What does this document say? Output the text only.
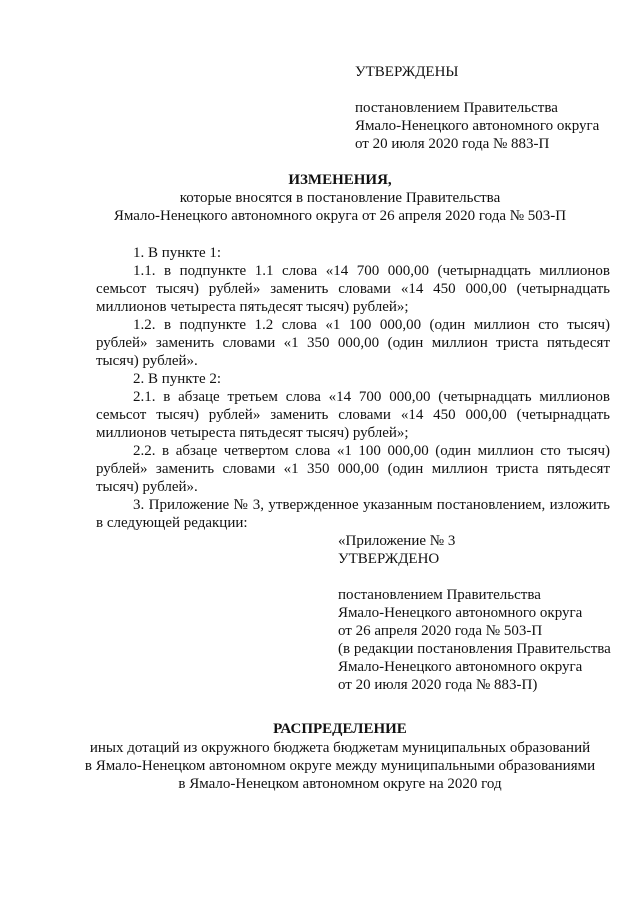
УТВЕРЖДЕНЫ
постановлением Правительства
Ямало-Ненецкого автономного округа
от 20 июля 2020 года № 883-П
ИЗМЕНЕНИЯ,
которые вносятся в постановление Правительства
Ямало-Ненецкого автономного округа от 26 апреля 2020 года № 503-П
1. В пункте 1:
1.1. в подпункте 1.1 слова «14 700 000,00 (четырнадцать миллионов
семьсот тысяч) рублей» заменить словами «14 450 000,00 (четырнадцать
миллионов четыреста пятьдесят тысяч) рублей»;
1.2. в подпункте 1.2 слова «1 100 000,00 (один миллион сто тысяч)
рублей» заменить словами «1 350 000,00 (один миллион триста пятьдесят
тысяч) рублей».
2. В пункте 2:
2.1. в абзаце третьем слова «14 700 000,00 (четырнадцать миллионов
семьсот тысяч) рублей» заменить словами «14 450 000,00 (четырнадцать
миллионов четыреста пятьдесят тысяч) рублей»;
2.2. в абзаце четвертом слова «1 100 000,00 (один миллион сто тысяч)
рублей» заменить словами «1 350 000,00 (один миллион триста пятьдесят
тысяч) рублей».
3. Приложение № 3, утвержденное указанным постановлением, изложить
в следующей редакции:
«Приложение № 3
УТВЕРЖДЕНО
постановлением Правительства
Ямало-Ненецкого автономного округа
от 26 апреля 2020 года № 503-П
(в редакции постановления Правительства
Ямало-Ненецкого автономного округа
от 20 июля 2020 года № 883-П)
РАСПРЕДЕЛЕНИЕ
иных дотаций из окружного бюджета бюджетам муниципальных образований
в Ямало-Ненецком автономном округе между муниципальными образованиями
в Ямало-Ненецком автономном округе на 2020 год
